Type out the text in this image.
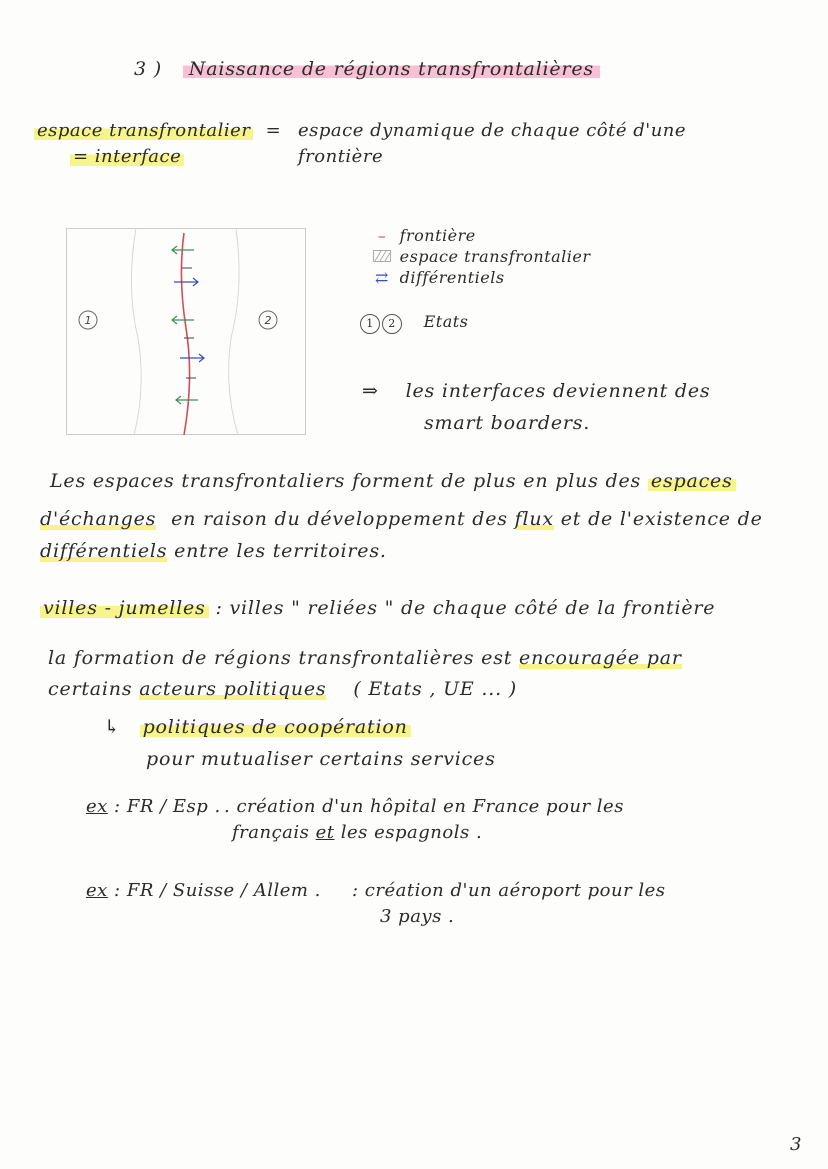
3 ) Naissance de régions transfrontalières
espace transfrontalier =
= interface
espace dynamique de chaque côté d'une
frontière
1	2
– frontière
espace transfrontalier
⇄ différentiels
1 2 Etats
⇒ les interfaces deviennent des
smart boarders.
Les espaces transfrontaliers forment de plus en plus des espaces
d'échanges en raison du développement des flux et de l'existence de
différentiels entre les territoires.
villes - jumelles : villes " reliées " de chaque côté de la frontière
la formation de régions transfrontalières est encouragée par
certains acteurs politiques ( Etats , UE ... )
↳ politiques de coopération
pour mutualiser certains services
ex : FR / Esp . . création d'un hôpital en France pour les
français et les espagnols .
ex : FR / Suisse / Allem . : création d'un aéroport pour les
3 pays .
3
